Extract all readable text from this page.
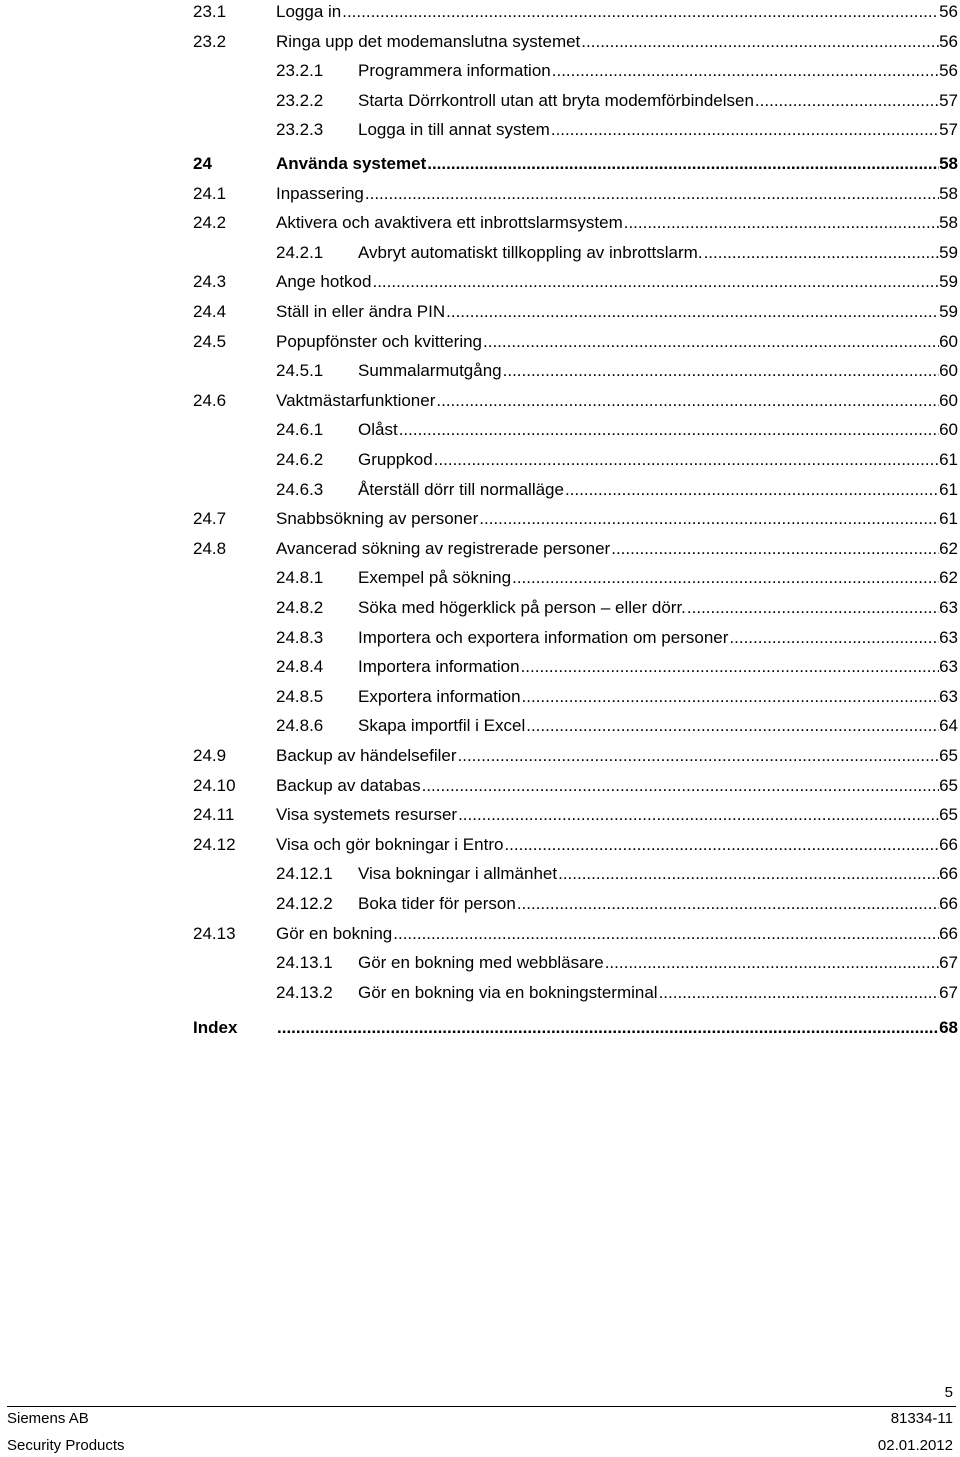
23.1	Logga in .....	56
23.2	Ringa upp det modemanslutna systemet .....	56
23.2.1 Programmera information .....	56
23.2.2 Starta Dörrkontroll utan att bryta modemförbindelsen .....	57
23.2.3 Logga in till annat system .....	57
24	Använda systemet .....	58
24.1	Inpassering .....	58
24.2	Aktivera och avaktivera ett inbrottslarmsystem .....	58
24.2.1 Avbryt automatiskt tillkoppling av inbrottslarm. .....	59
24.3	Ange hotkod .....	59
24.4	Ställ in eller ändra PIN .....	59
24.5	Popupfönster och kvittering .....	60
24.5.1 Summalarmutgång .....	60
24.6	Vaktmästarfunktioner .....	60
24.6.1 Olåst .....	60
24.6.2 Gruppkod .....	61
24.6.3 Återställ dörr till normalläge .....	61
24.7	Snabbsökning av personer .....	61
24.8	Avancerad sökning av registrerade personer .....	62
24.8.1 Exempel på sökning .....	62
24.8.2 Söka med högerklick på person – eller dörr. .....	63
24.8.3 Importera och exportera information om personer .....	63
24.8.4 Importera information .....	63
24.8.5 Exportera information .....	63
24.8.6 Skapa importfil i Excel .....	64
24.9	Backup av händelsefiler .....	65
24.10 Backup av databas .....	65
24.11 Visa systemets resurser .....	65
24.12 Visa och gör bokningar i Entro .....	66
24.12.1 Visa bokningar i allmänhet .....	66
24.12.2 Boka tider för person .....	66
24.13 Gör en bokning .....	66
24.13.1 Gör en bokning med webbläsare .....	67
24.13.2 Gör en bokning via en bokningsterminal .....	67
Index .....	68
5
Siemens AB	81334-11
Security Products	02.01.2012
